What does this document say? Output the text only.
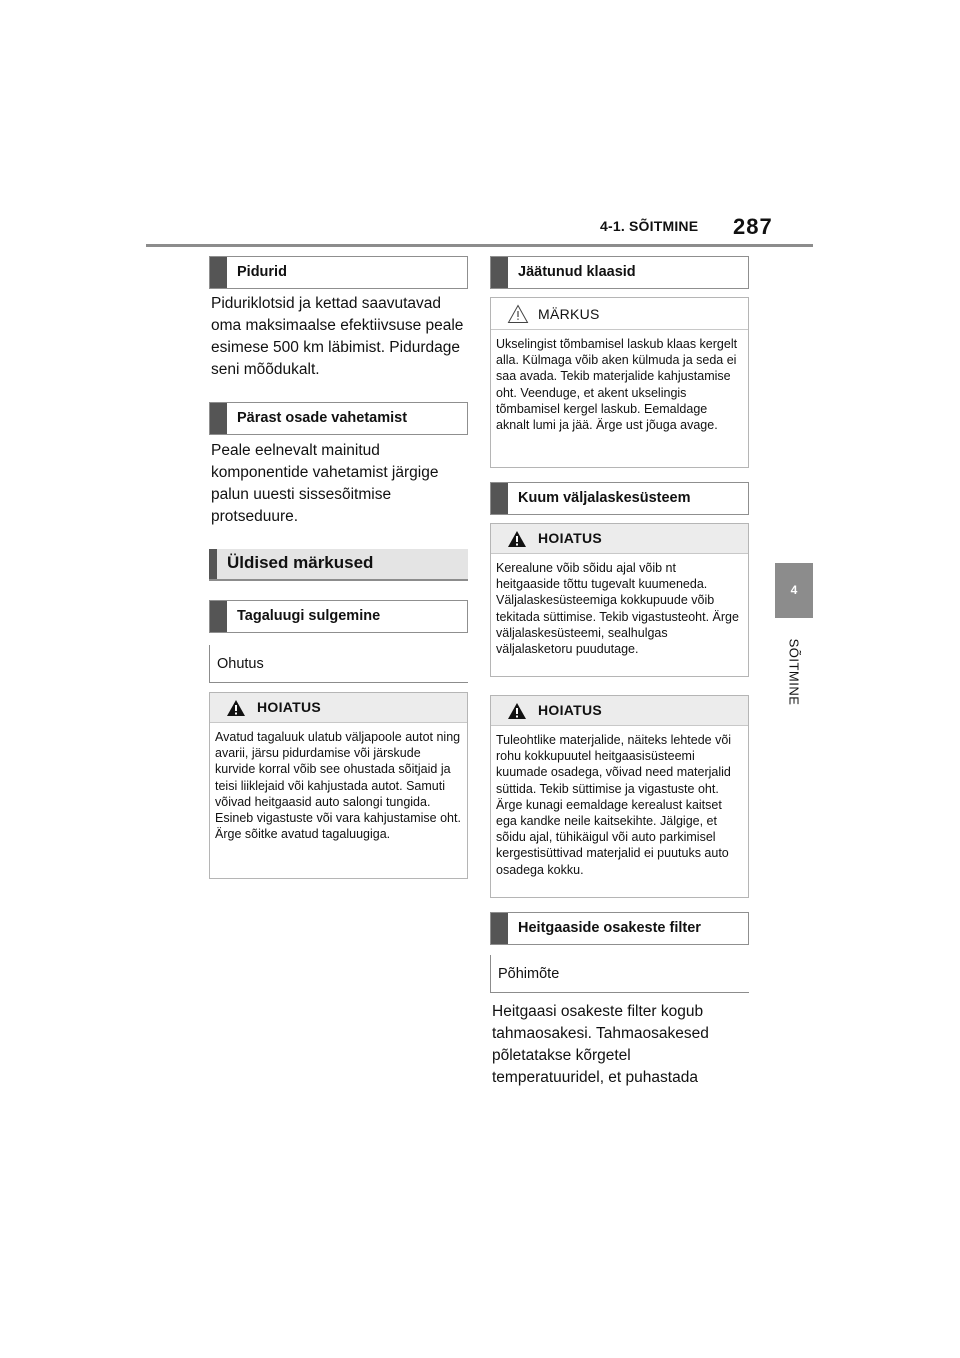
4-1. SÕITMINE 287
4
SÕITMINE
Pidurid

Piduriklotsid ja kettad saavutavad oma maksimaalse efektiivsuse peale esimese 500 km läbimist. Pidurdage seni mõõdukalt.

Pärast osade vahetamist

Peale eelnevalt mainitud komponentide vahetamist järgige palun uuesti sissesõitmise protseduure.

Üldised märkused
Tagaluugi sulgemine
Ohutus
HOIATUS

Avatud tagaluuk ulatub väljapoole autot ning avarii, järsu pidurdamise või järskude kurvide korral võib see ohustada sõitjaid ja teisi liiklejaid või kahjustada autot. Samuti võivad heitgaasid auto salongi tungida. Esineb vigastuste või vara kahjustamise oht. Ärge sõitke avatud tagaluugiga.

Jäätunud klaasid
MÄRKUS

Ukselingist tõmbamisel laskub klaas kergelt alla. Külmaga võib aken külmuda ja seda ei saa avada. Tekib materjalide kahjustamise oht. Veenduge, et akent ukselingis tõmbamisel kergel laskub. Eemaldage aknalt lumi ja jää. Ärge ust jõuga avage.

Kuum väljalaskesüsteem
HOIATUS

Kerealune võib sõidu ajal võib nt heitgaaside tõttu tugevalt kuumeneda. Väljalaskesüsteemiga kokkupuude võib tekitada süttimise. Tekib vigastusteoht. Ärge väljalaskesüsteemi, sealhulgas väljalasketoru puudutage.

HOIATUS

Tuleohtlike materjalide, näiteks lehtede või rohu kokkupuutel heitgaasisüsteemi kuumade osadega, võivad need materjalid süttida. Tekib süttimise ja vigastuste oht. Ärge kunagi eemaldage kerealust kaitset ega kandke neile kaitsekihte. Jälgige, et sõidu ajal, tühikäigul või auto parkimisel kergestisüttivad materjalid ei puutuks auto osadega kokku.

Heitgaaside osakeste filter
Põhimõte

Heitgaasi osakeste filter kogub tahmaosakesi. Tahmaosakesed põletatakse kõrgetel temperatuuridel, et puhastada
